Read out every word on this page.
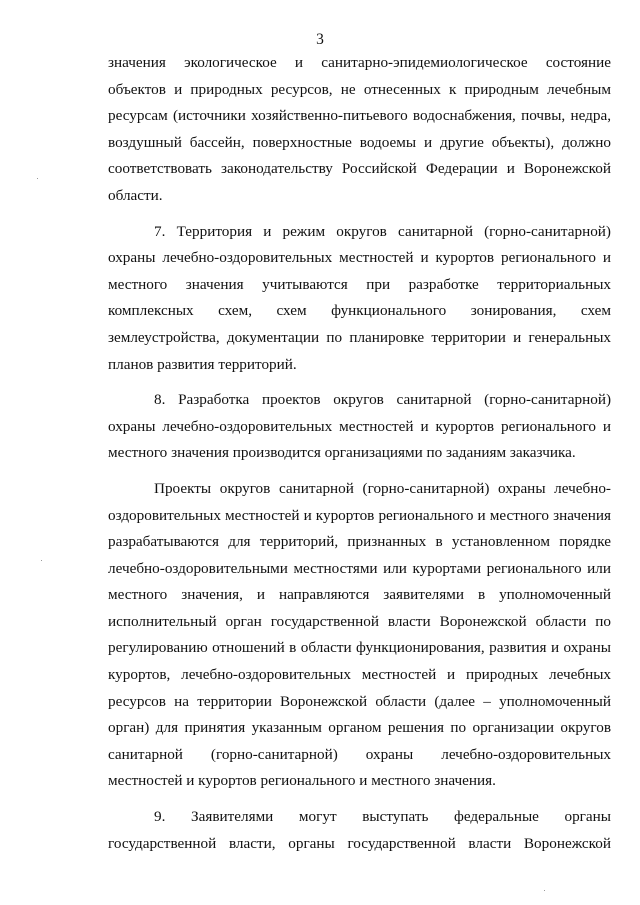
3
значения экологическое и санитарно-эпидемиологическое состояние
объектов и природных ресурсов, не отнесенных к природным лечебным
ресурсам (источники хозяйственно-питьевого водоснабжения, почвы, недра,
воздушный бассейн, поверхностные водоемы и другие объекты), должно
соответствовать законодательству Российской Федерации и Воронежской
области.
7. Территория и режим округов санитарной (горно-санитарной)
охраны лечебно-оздоровительных местностей и курортов регионального и
местного значения учитываются при разработке территориальных
комплексных схем, схем функционального зонирования, схем
землеустройства, документации по планировке территории и генеральных
планов развития территорий.
8. Разработка проектов округов санитарной (горно-санитарной)
охраны лечебно-оздоровительных местностей и курортов регионального и
местного значения производится организациями по заданиям заказчика.
Проекты округов санитарной (горно-санитарной) охраны лечебно-
оздоровительных местностей и курортов регионального и местного значения
разрабатываются для территорий, признанных в установленном порядке
лечебно-оздоровительными местностями или курортами регионального или
местного значения, и направляются заявителями в уполномоченный
исполнительный орган государственной власти Воронежской области по
регулированию отношений в области функционирования, развития и охраны
курортов, лечебно-оздоровительных местностей и природных лечебных
ресурсов на территории Воронежской области (далее – уполномоченный
орган) для принятия указанным органом решения по организации округов
санитарной (горно-санитарной) охраны лечебно-оздоровительных
местностей и курортов регионального и местного значения.
9. Заявителями могут выступать федеральные органы
государственной власти, органы государственной власти Воронежской
